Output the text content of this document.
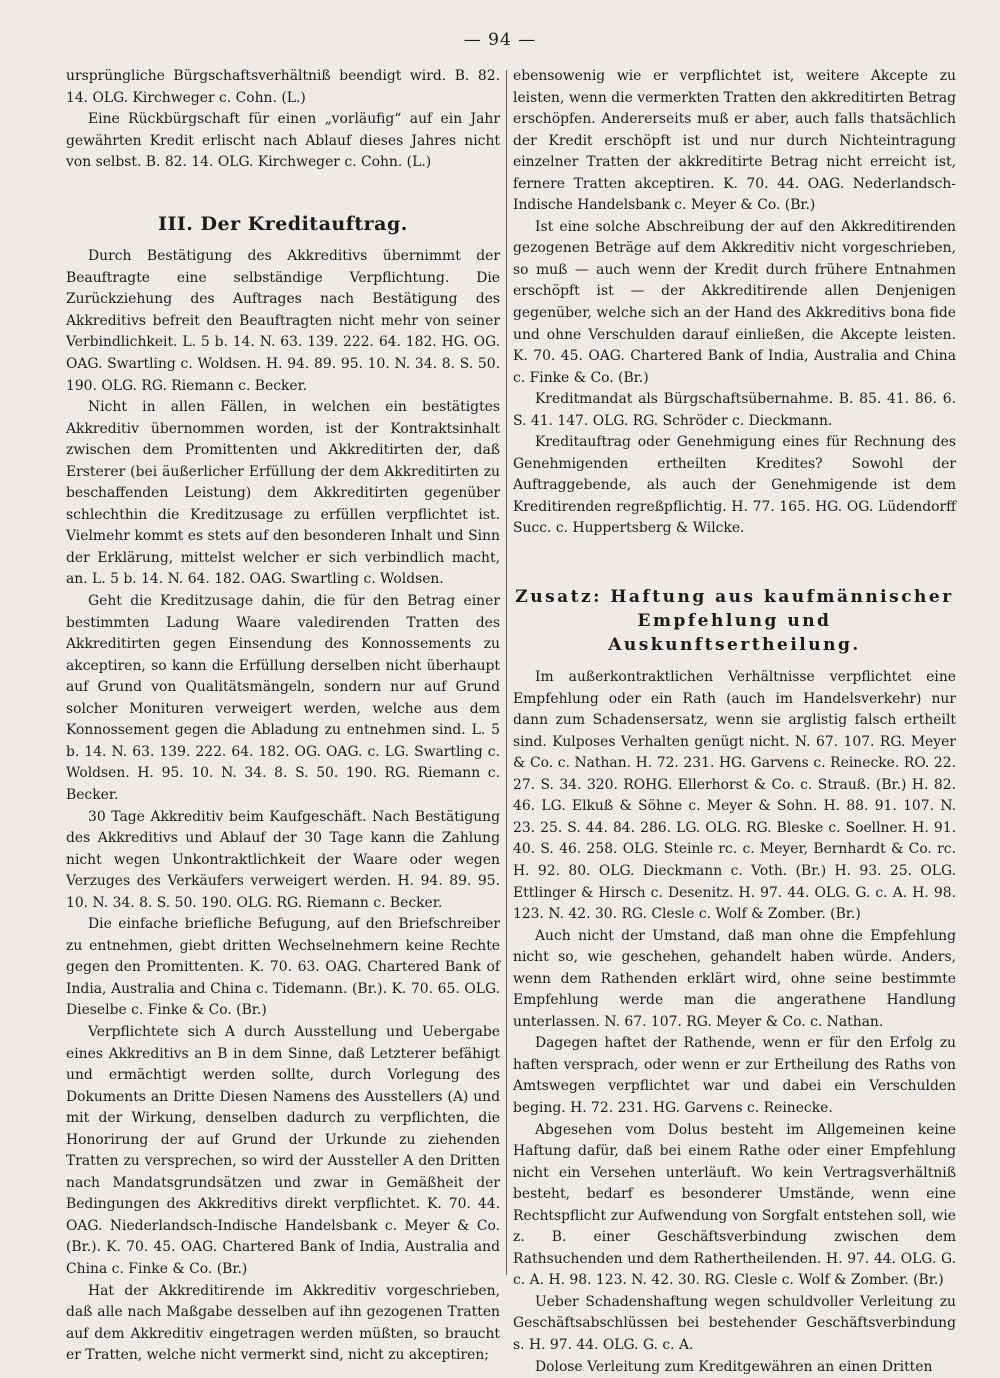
— 94 —

ursprüngliche Bürgschaftsverhältniß beendigt wird. B. 82. 14. OLG. Kirchweger c. Cohn. (L.)

Eine Rückbürgschaft für einen „vorläufig“ auf ein Jahr gewährten Kredit erlischt nach Ablauf dieses Jahres nicht von selbst. B. 82. 14. OLG. Kirchweger c. Cohn. (L.)

III. Der Kreditauftrag.

Durch Bestätigung des Akkreditivs übernimmt der Beauftragte eine selbständige Verpflichtung. Die Zurückziehung des Auftrages nach Bestätigung des Akkreditivs befreit den Beauftragten nicht mehr von seiner Verbindlichkeit. L. 5 b. 14. N. 63. 139. 222. 64. 182. HG. OG. OAG. Swartling c. Woldsen. H. 94. 89. 95. 10. N. 34. 8. S. 50. 190. OLG. RG. Riemann c. Becker.

Nicht in allen Fällen, in welchen ein bestätigtes Akkreditiv übernommen worden, ist der Kontraktsinhalt zwischen dem Promittenten und Akkreditirten der, daß Ersterer (bei äußerlicher Erfüllung der dem Akkreditirten zu beschaffenden Leistung) dem Akkreditirten gegenüber schlechthin die Kreditzusage zu erfüllen verpflichtet ist. Vielmehr kommt es stets auf den besonderen Inhalt und Sinn der Erklärung, mittelst welcher er sich verbindlich macht, an. L. 5 b. 14. N. 64. 182. OAG. Swartling c. Woldsen.

Geht die Kreditzusage dahin, die für den Betrag einer bestimmten Ladung Waare valedirenden Tratten des Akkreditirten gegen Einsendung des Konnossements zu akceptiren, so kann die Erfüllung derselben nicht überhaupt auf Grund von Qualitätsmängeln, sondern nur auf Grund solcher Monituren verweigert werden, welche aus dem Konnossement gegen die Abladung zu entnehmen sind. L. 5 b. 14. N. 63. 139. 222. 64. 182. OG. OAG. c. LG. Swartling c. Woldsen. H. 95. 10. N. 34. 8. S. 50. 190. RG. Riemann c. Becker.

30 Tage Akkreditiv beim Kaufgeschäft. Nach Bestätigung des Akkreditivs und Ablauf der 30 Tage kann die Zahlung nicht wegen Unkontraktlichkeit der Waare oder wegen Verzuges des Verkäufers verweigert werden. H. 94. 89. 95. 10. N. 34. 8. S. 50. 190. OLG. RG. Riemann c. Becker.

Die einfache briefliche Befugung, auf den Briefschreiber zu entnehmen, giebt dritten Wechselnehmern keine Rechte gegen den Promittenten. K. 70. 63. OAG. Chartered Bank of India, Australia and China c. Tidemann. (Br.). K. 70. 65. OLG. Dieselbe c. Finke & Co. (Br.)

Verpflichtete sich A durch Ausstellung und Uebergabe eines Akkreditivs an B in dem Sinne, daß Letzterer befähigt und ermächtigt werden sollte, durch Vorlegung des Dokuments an Dritte Diesen Namens des Ausstellers (A) und mit der Wirkung, denselben dadurch zu verpflichten, die Honorirung der auf Grund der Urkunde zu ziehenden Tratten zu versprechen, so wird der Aussteller A den Dritten nach Mandatsgrundsätzen und zwar in Gemäßheit der Bedingungen des Akkreditivs direkt verpflichtet. K. 70. 44. OAG. Niederlandsch-Indische Handelsbank c. Meyer & Co. (Br.). K. 70. 45. OAG. Chartered Bank of India, Australia and China c. Finke & Co. (Br.)

Hat der Akkreditirende im Akkreditiv vorgeschrieben, daß alle nach Maßgabe desselben auf ihn gezogenen Tratten auf dem Akkreditiv eingetragen werden müßten, so braucht er Tratten, welche nicht vermerkt sind, nicht zu akceptiren;

ebensowenig wie er verpflichtet ist, weitere Akcepte zu leisten, wenn die vermerkten Tratten den akkreditirten Betrag erschöpfen. Andererseits muß er aber, auch falls thatsächlich der Kredit erschöpft ist und nur durch Nichteintragung einzelner Tratten der akkreditirte Betrag nicht erreicht ist, fernere Tratten akceptiren. K. 70. 44. OAG. Nederlandsch-Indische Handelsbank c. Meyer & Co. (Br.)

Ist eine solche Abschreibung der auf den Akkreditirenden gezogenen Beträge auf dem Akkreditiv nicht vorgeschrieben, so muß — auch wenn der Kredit durch frühere Entnahmen erschöpft ist — der Akkreditirende allen Denjenigen gegenüber, welche sich an der Hand des Akkreditivs bona fide und ohne Verschulden darauf einließen, die Akcepte leisten. K. 70. 45. OAG. Chartered Bank of India, Australia and China c. Finke & Co. (Br.)

Kreditmandat als Bürgschaftsübernahme. B. 85. 41. 86. 6. S. 41. 147. OLG. RG. Schröder c. Dieckmann.

Kreditauftrag oder Genehmigung eines für Rechnung des Genehmigenden ertheilten Kredites? Sowohl der Auftraggebende, als auch der Genehmigende ist dem Kreditirenden regreßpflichtig. H. 77. 165. HG. OG. Lüdendorff Succ. c. Huppertsberg & Wilcke.

Zusatz: Haftung aus kaufmännischer
Empfehlung und Auskunftsertheilung.

Im außerkontraktlichen Verhältnisse verpflichtet eine Empfehlung oder ein Rath (auch im Handelsverkehr) nur dann zum Schadensersatz, wenn sie arglistig falsch ertheilt sind. Kulposes Verhalten genügt nicht. N. 67. 107. RG. Meyer & Co. c. Nathan. H. 72. 231. HG. Garvens c. Reinecke. RO. 22. 27. S. 34. 320. ROHG. Ellerhorst & Co. c. Strauß. (Br.) H. 82. 46. LG. Elkuß & Söhne c. Meyer & Sohn. H. 88. 91. 107. N. 23. 25. S. 44. 84. 286. LG. OLG. RG. Bleske c. Soellner. H. 91. 40. S. 46. 258. OLG. Steinle rc. c. Meyer, Bernhardt & Co. rc. H. 92. 80. OLG. Dieckmann c. Voth. (Br.) H. 93. 25. OLG. Ettlinger & Hirsch c. Desenitz. H. 97. 44. OLG. G. c. A. H. 98. 123. N. 42. 30. RG. Clesle c. Wolf & Zomber. (Br.)

Auch nicht der Umstand, daß man ohne die Empfehlung nicht so, wie geschehen, gehandelt haben würde. Anders, wenn dem Rathenden erklärt wird, ohne seine bestimmte Empfehlung werde man die angerathene Handlung unterlassen. N. 67. 107. RG. Meyer & Co. c. Nathan.

Dagegen haftet der Rathende, wenn er für den Erfolg zu haften versprach, oder wenn er zur Ertheilung des Raths von Amtswegen verpflichtet war und dabei ein Verschulden beging. H. 72. 231. HG. Garvens c. Reinecke.

Abgesehen vom Dolus besteht im Allgemeinen keine Haftung dafür, daß bei einem Rathe oder einer Empfehlung nicht ein Versehen unterläuft. Wo kein Vertragsverhältniß besteht, bedarf es besonderer Umstände, wenn eine Rechtspflicht zur Aufwendung von Sorgfalt entstehen soll, wie z. B. einer Geschäftsverbindung zwischen dem Rathsuchenden und dem Rathertheilenden. H. 97. 44. OLG. G. c. A. H. 98. 123. N. 42. 30. RG. Clesle c. Wolf & Zomber. (Br.)

Ueber Schadenshaftung wegen schuldvoller Verleitung zu Geschäftsabschlüssen bei bestehender Geschäftsverbindung s. H. 97. 44. OLG. G. c. A.

Dolose Verleitung zum Kreditgewähren an einen Dritten
